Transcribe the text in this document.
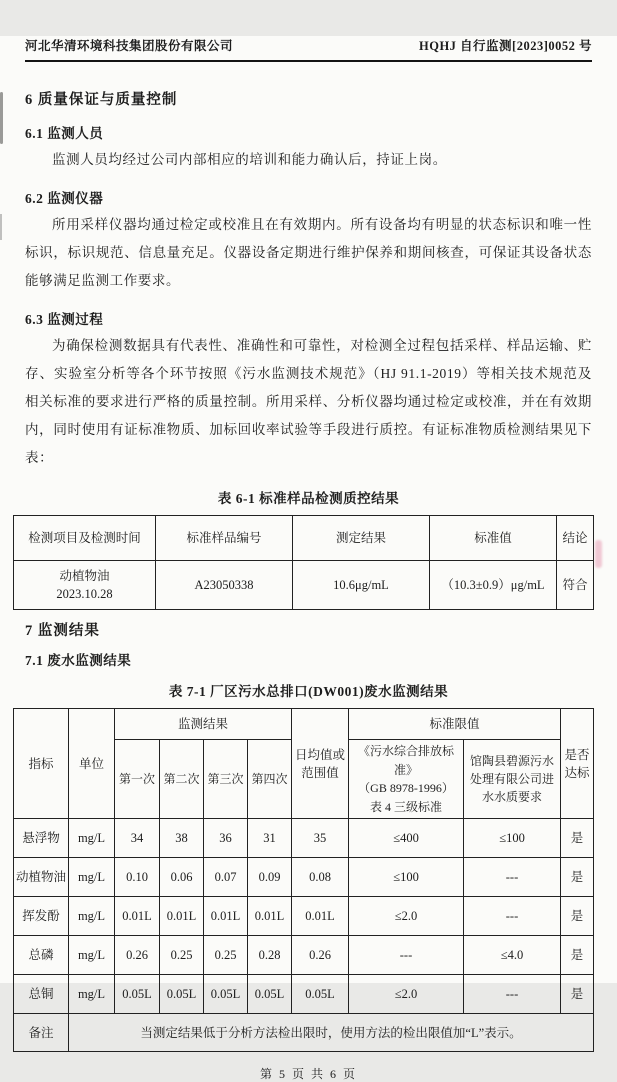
河北华清环境科技集团股份有限公司	HQHJ 自行监测[2023]0052 号
6 质量保证与质量控制
6.1 监测人员

监测人员均经过公司内部相应的培训和能力确认后，持证上岗。

6.2 监测仪器

所用采样仪器均通过检定或校准且在有效期内。所有设备均有明显的状态标识和唯一性标识，标识规范、信息量充足。仪器设备定期进行维护保养和期间核查，可保证其设备状态能够满足监测工作要求。

6.3 监测过程

为确保检测数据具有代表性、准确性和可靠性，对检测全过程包括采样、样品运输、贮存、实验室分析等各个环节按照《污水监测技术规范》（HJ 91.1-2019）等相关技术规范及相关标准的要求进行严格的质量控制。所用采样、分析仪器均通过检定或校准，并在有效期内，同时使用有证标准物质、加标回收率试验等手段进行质控。有证标准物质检测结果见下表：

表 6-1 标准样品检测质控结果
检测项目及检测时间	标准样品编号	测定结果	标准值	结论

动植物油
2023.10.28	A23050338	10.6μg/mL	（10.3±0.9）μg/mL	符合
7 监测结果
7.1 废水监测结果
表 7-1 厂区污水总排口(DW001)废水监测结果
指标	单位	监测结果				日均值或范围值	标准限值		是否达标
		第一次	第二次	第三次	第四次		《污水综合排放标准》
（GB 8978-1996）
表 4 三级标准	馆陶县碧源污水处理有限公司进水水质要求	
悬浮物	mg/L	34	38	36	31	35	≤400	≤100	是
动植物油	mg/L	0.10	0.06	0.07	0.09	0.08	≤100	---	是
挥发酚	mg/L	0.01L	0.01L	0.01L	0.01L	0.01L	≤2.0	---	是
总磷	mg/L	0.26	0.25	0.25	0.28	0.26	---	≤4.0	是
总铜	mg/L	0.05L	0.05L	0.05L	0.05L	0.05L	≤2.0	---	是
备注	当测定结果低于分析方法检出限时，使用方法的检出限值加“L”表示。								
第 5 页 共 6 页
